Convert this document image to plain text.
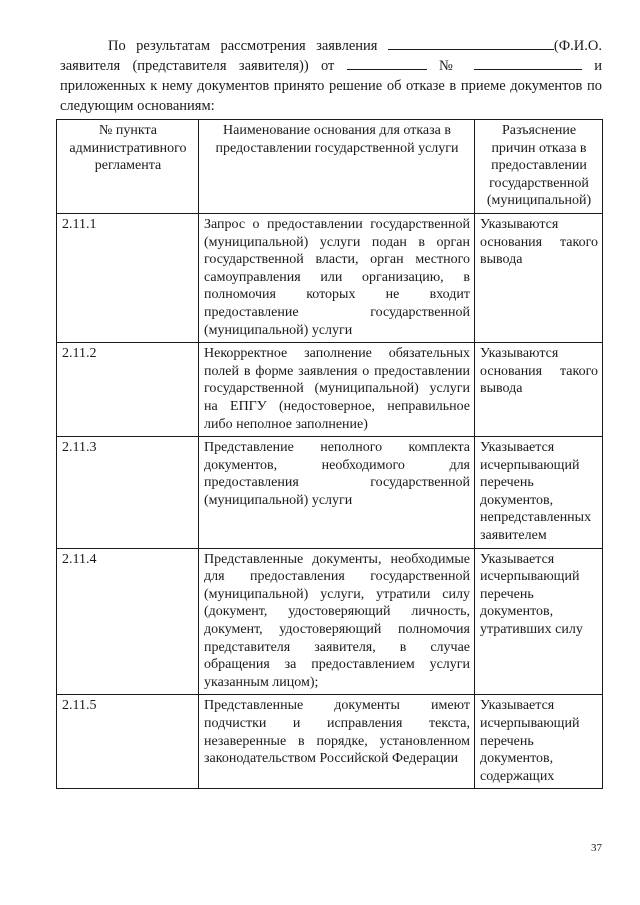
По результатам рассмотрения заявления	(Ф.И.О. заявителя (представителя заявителя)) от	№	и приложенных к нему документов принято решение об отказе в приеме документов по следующим основаниям:

№ пункта административного регламента	Наименование основания для отказа в предоставлении государственной услуги	Разъяснение причин отказа в предоставлении государственной (муниципальной)
2.11.1	Запрос о предоставлении государственной (муниципальной) услуги подан в орган государственной власти, орган местного самоуправления или организацию, в полномочия которых не входит предоставление государственной (муниципальной) услуги	Указываются основания такого вывода
2.11.2	Некорректное заполнение обязательных полей в форме заявления о предоставлении государственной (муниципальной) услуги на ЕПГУ (недостоверное, неправильное либо неполное заполнение)	Указываются основания такого вывода
2.11.3	Представление неполного комплекта документов, необходимого для предоставления государственной (муниципальной) услуги	Указывается исчерпывающий перечень документов, непредставленных заявителем
2.11.4	Представленные документы, необходимые для предоставления государственной (муниципальной) услуги, утратили силу (документ, удостоверяющий личность, документ, удостоверяющий полномочия представителя заявителя, в случае обращения за предоставлением услуги указанным лицом);	Указывается исчерпывающий перечень документов, утративших силу
2.11.5	Представленные документы имеют подчистки и исправления текста, незаверенные в порядке, установленном законодательством Российской Федерации	Указывается исчерпывающий перечень документов, содержащих
37
